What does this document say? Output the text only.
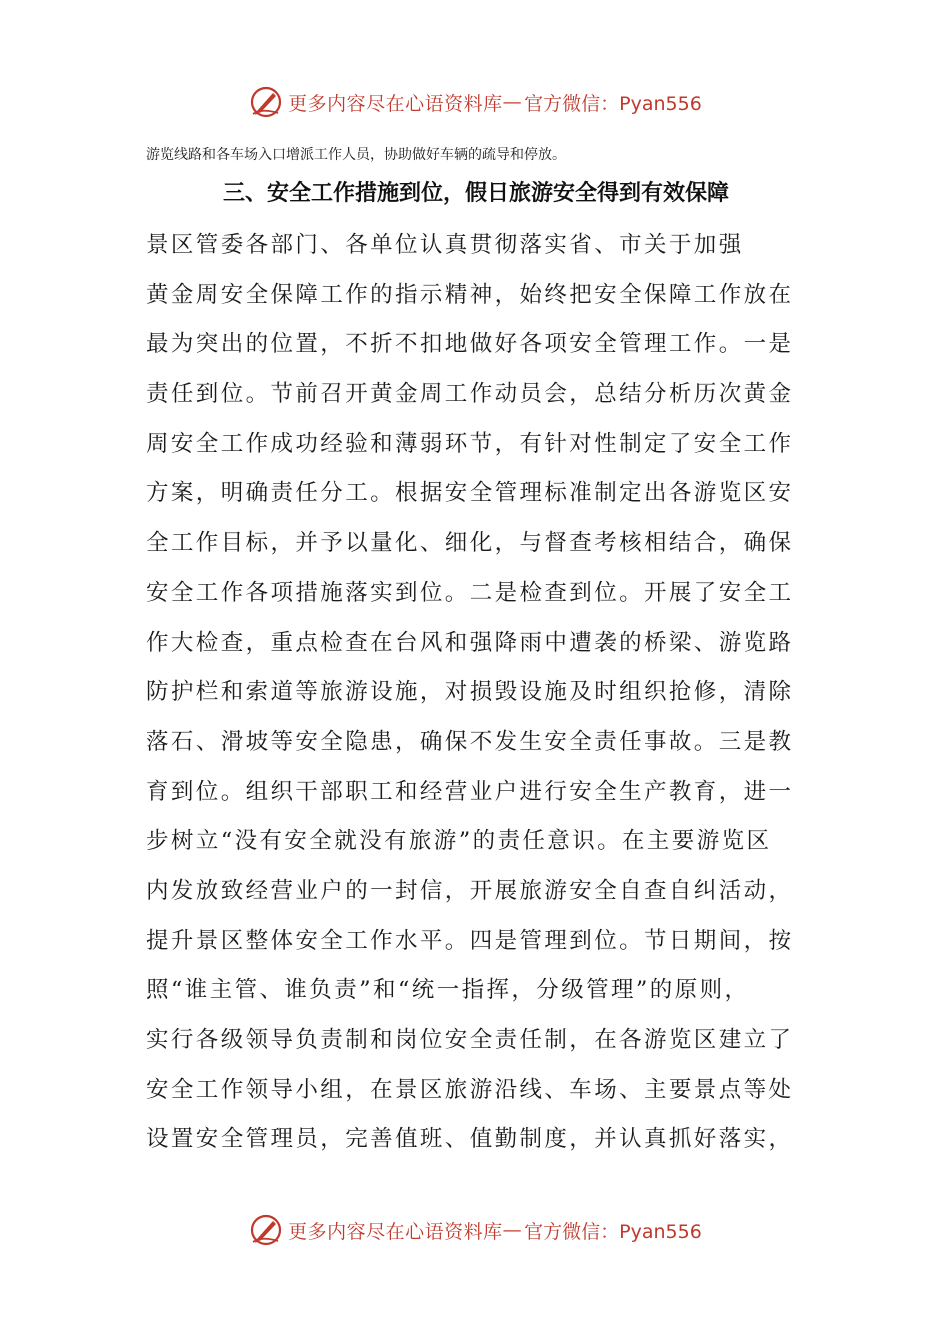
更多内容尽在心语资料库 — 官方微信：Pyan556
游览线路和各车场入口增派工作人员，协助做好车辆的疏导和停放。
三、安全工作措施到位，假日旅游安全得到有效保障
景区管委各部门、各单位认真贯彻落实省、市关于加强
黄金周安全保障工作的指示精神，始终把安全保障工作放在
最为突出的位置，不折不扣地做好各项安全管理工作。一是
责任到位。节前召开黄金周工作动员会，总结分析历次黄金
周安全工作成功经验和薄弱环节，有针对性制定了安全工作
方案，明确责任分工。根据安全管理标准制定出各游览区安
全工作目标，并予以量化、细化，与督查考核相结合，确保
安全工作各项措施落实到位。二是检查到位。开展了安全工
作大检查，重点检查在台风和强降雨中遭袭的桥梁、游览路
防护栏和索道等旅游设施，对损毁设施及时组织抢修，清除
落石、滑坡等安全隐患，确保不发生安全责任事故。三是教
育到位。组织干部职工和经营业户进行安全生产教育，进一
步树立“没有安全就没有旅游”的责任意识。在主要游览区
内发放致经营业户的一封信，开展旅游安全自查自纠活动，
提升景区整体安全工作水平。四是管理到位。节日期间，按
照“谁主管、谁负责”和“统一指挥，分级管理”的原则，
实行各级领导负责制和岗位安全责任制，在各游览区建立了
安全工作领导小组，在景区旅游沿线、车场、主要景点等处
设置安全管理员，完善值班、值勤制度，并认真抓好落实，
更多内容尽在心语资料库 — 官方微信：Pyan556
